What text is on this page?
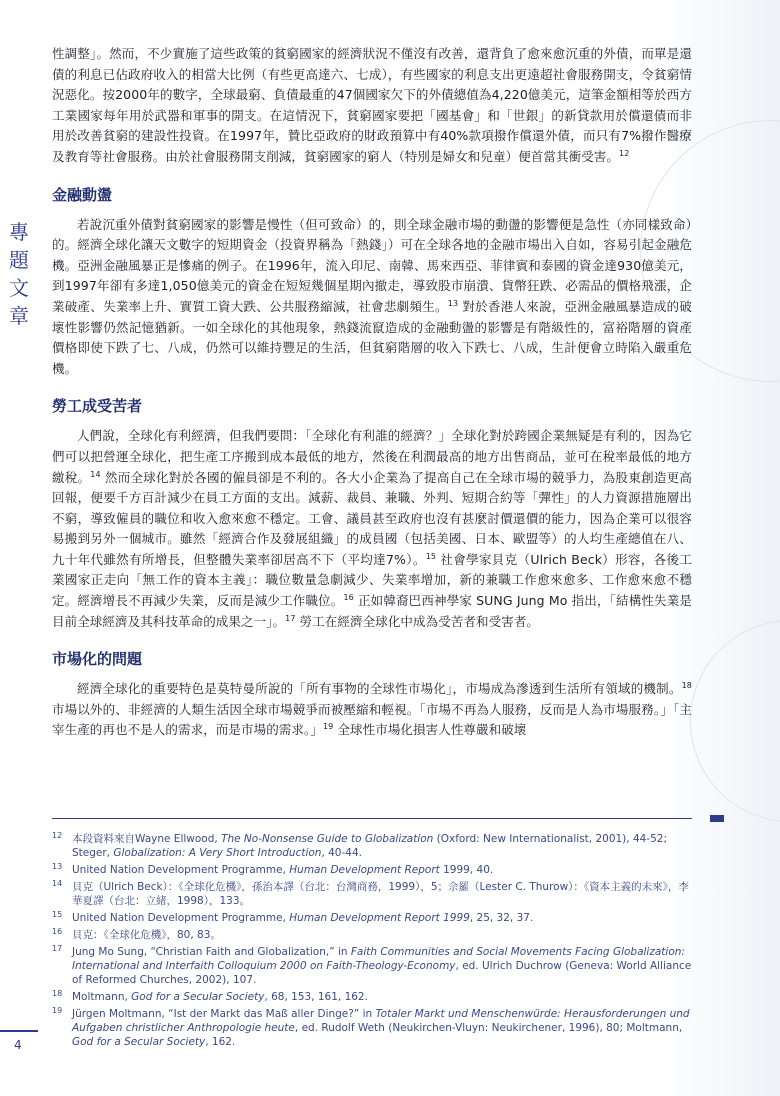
專
題
文
章
4

性調整」。然而，不少實施了這些政策的貧窮國家的經濟狀況不僅沒有改善，還背負了愈來愈沉重的外債，而單是還債的利息已佔政府收入的相當大比例（有些更高達六、七成），有些國家的利息支出更遠超社會服務開支，令貧窮情況惡化。按2000年的數字，全球最窮、負債最重的47個國家欠下的外債總值為4,220億美元，這筆金額相等於西方工業國家每年用於武器和軍事的開支。在這情況下，貧窮國家要把「國基會」和「世銀」的新貸款用於償還債而非用於改善貧窮的建設性投資。在1997年，贊比亞政府的財政預算中有40%款項撥作償還外債，而只有7%撥作醫療及教育等社會服務。由於社會服務開支削減，貧窮國家的窮人（特別是婦女和兒童）便首當其衝受害。$^{12}$

金融動盪

若說沉重外債對貧窮國家的影響是慢性（但可致命）的，則全球金融市場的動盪的影響便是急性（亦同樣致命）的。經濟全球化讓天文數字的短期資金（投資界稱為「熱錢」）可在全球各地的金融市場出入自如，容易引起金融危機。亞洲金融風暴正是慘痛的例子。在1996年，流入印尼、南韓、馬來西亞、菲律賓和泰國的資金達930億美元，到1997年卻有多達1,050億美元的資金在短短幾個星期內撤走，導致股市崩潰、貨幣狂跌、必需品的價格飛漲，企業破產、失業率上升、實質工資大跌、公共服務縮減，社會悲劇頻生。$^{13}$ 對於香港人來說，亞洲金融風暴造成的破壞性影響仍然記憶猶新。一如全球化的其他現象，熱錢流竄造成的金融動盪的影響是有階級性的，富裕階層的資產價格即使下跌了七、八成，仍然可以維持豐足的生活，但貧窮階層的收入下跌七、八成，生計便會立時陷入嚴重危機。

勞工成受苦者

人們說，全球化有利經濟，但我們要問：「全球化有利誰的經濟？」全球化對於跨國企業無疑是有利的，因為它們可以把營運全球化，把生產工序搬到成本最低的地方，然後在利潤最高的地方出售商品，並可在稅率最低的地方繳稅。$^{14}$ 然而全球化對於各國的僱員卻是不利的。各大小企業為了提高自己在全球市場的競爭力，為股東創造更高回報，便要千方百計減少在員工方面的支出。減薪、裁員、兼職、外判、短期合約等「彈性」的人力資源措施層出不窮，導致僱員的職位和收入愈來愈不穩定。工會、議員甚至政府也沒有甚麼討價還價的能力，因為企業可以很容易搬到另外一個城市。雖然「經濟合作及發展組織」的成員國（包括美國、日本、歐盟等）的人均生產總值在八、九十年代雖然有所增長，但整體失業率卻居高不下（平均達7%）。$^{15}$ 社會學家貝克（Ulrich Beck）形容，各後工業國家正走向「無工作的資本主義」：職位數量急劇減少、失業率增加，新的兼職工作愈來愈多、工作愈來愈不穩定。經濟增長不再減少失業，反而是減少工作職位。$^{16}$ 正如韓裔巴西神學家 SUNG Jung Mo 指出，「結構性失業是目前全球經濟及其科技革命的成果之一」。$^{17}$ 勞工在經濟全球化中成為受苦者和受害者。

市場化的問題

經濟全球化的重要特色是莫特曼所說的「所有事物的全球性市場化」，市場成為滲透到生活所有領域的機制。$^{18}$ 市場以外的、非經濟的人類生活因全球市場競爭而被壓縮和輕視。「市場不再為人服務，反而是人為市場服務。」「主宰生產的再也不是人的需求，而是市場的需求。」$^{19}$ 全球性市場化損害人性尊嚴和破壞

12 本段資料來自Wayne Ellwood, The No-Nonsense Guide to Globalization (Oxford: New Internationalist, 2001), 44-52; Steger, Globalization: A Very Short Introduction, 40-44.
13 United Nation Development Programme, Human Development Report 1999, 40.
14 貝克（Ulrich Beck）：《全球化危機》，孫治本譯（台北：台灣商務，1999），5；佘羅（Lester C. Thurow）：《資本主義的未來》，李華夏譯（台北：立緒，1998），133。
15 United Nation Development Programme, Human Development Report 1999, 25, 32, 37.
16 貝克：《全球化危機》，80, 83。
17 Jung Mo Sung, “Christian Faith and Globalization,” in Faith Communities and Social Movements Facing Globalization: International and Interfaith Colloquium 2000 on Faith-Theology-Economy, ed. Ulrich Duchrow (Geneva: World Alliance of Reformed Churches, 2002), 107.
18 Moltmann, God for a Secular Society, 68, 153, 161, 162.
19 Jürgen Moltmann, “Ist der Markt das Maß aller Dinge?” in Totaler Markt und Menschenwürde: Herausforderungen und Aufgaben christlicher Anthropologie heute, ed. Rudolf Weth (Neukirchen-Vluyn: Neukirchener, 1996), 80; Moltmann, God for a Secular Society, 162.
